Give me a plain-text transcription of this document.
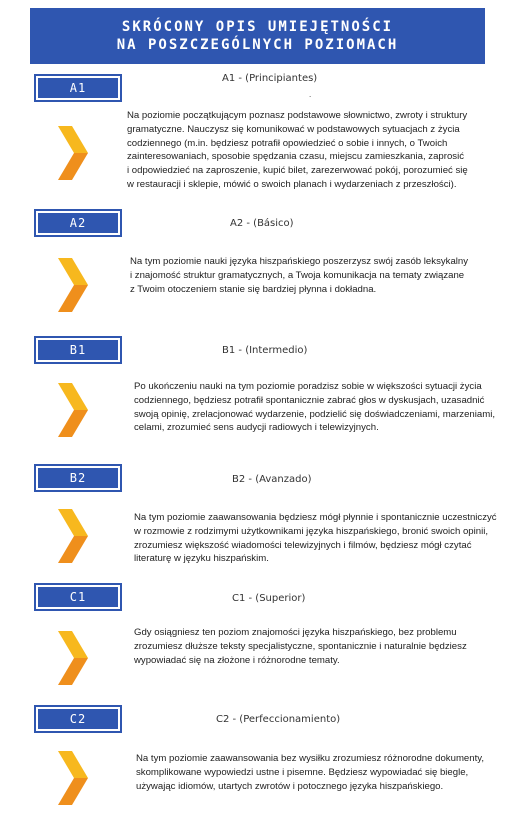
SKRÓCONY OPIS UMIEJĘTNOŚCI
NA POSZCZEGÓLNYCH POZIOMACH
A1
A1 - (Principiantes)
.
Na poziomie początkującym poznasz podstawowe słownictwo, zwroty i struktury
gramatyczne. Nauczysz się komunikować w podstawowych sytuacjach z życia
codziennego (m.in. będziesz potrafił opowiedzieć o sobie i innych, o Twoich
zainteresowaniach, sposobie spędzania czasu, miejscu zamieszkania, zaprosić
i odpowiedzieć na zaproszenie, kupić bilet, zarezerwować pokój, porozumieć się
w restauracji i sklepie, mówić o swoich planach i wydarzeniach z przeszłości).
A2	A2 - (Básico)
Na tym poziomie nauki języka hiszpańskiego poszerzysz swój zasób leksykalny
i znajomość struktur gramatycznych, a Twoja komunikacja na tematy związane
z Twoim otoczeniem stanie się bardziej płynna i dokładna.
B1	B1 - (Intermedio)
Po ukończeniu nauki na tym poziomie poradzisz sobie w większości sytuacji życia
codziennego, będziesz potrafił spontanicznie zabrać głos w dyskusjach, uzasadnić
swoją opinię, zrelacjonować wydarzenie, podzielić się doświadczeniami, marzeniami,
celami, zrozumieć sens audycji radiowych i telewizyjnych.
B2	B2 - (Avanzado)
Na tym poziomie zaawansowania będziesz mógł płynnie i spontanicznie uczestniczyć
w rozmowie z rodzimymi użytkownikami języka hiszpańskiego, bronić swoich opinii,
zrozumiesz większość wiadomości telewizyjnych i filmów, będziesz mógł czytać
literaturę w języku hiszpańskim.
C1	C1 - (Superior)
Gdy osiągniesz ten poziom znajomości języka hiszpańskiego, bez problemu
zrozumiesz dłuższe teksty specjalistyczne, spontanicznie i naturalnie będziesz
wypowiadać się na złożone i różnorodne tematy.
C2	C2 - (Perfeccionamiento)
Na tym poziomie zaawansowania bez wysiłku zrozumiesz różnorodne dokumenty,
skomplikowane wypowiedzi ustne i pisemne. Będziesz wypowiadać się biegle,
używając idiomów, utartych zwrotów i potocznego języka hiszpańskiego.
